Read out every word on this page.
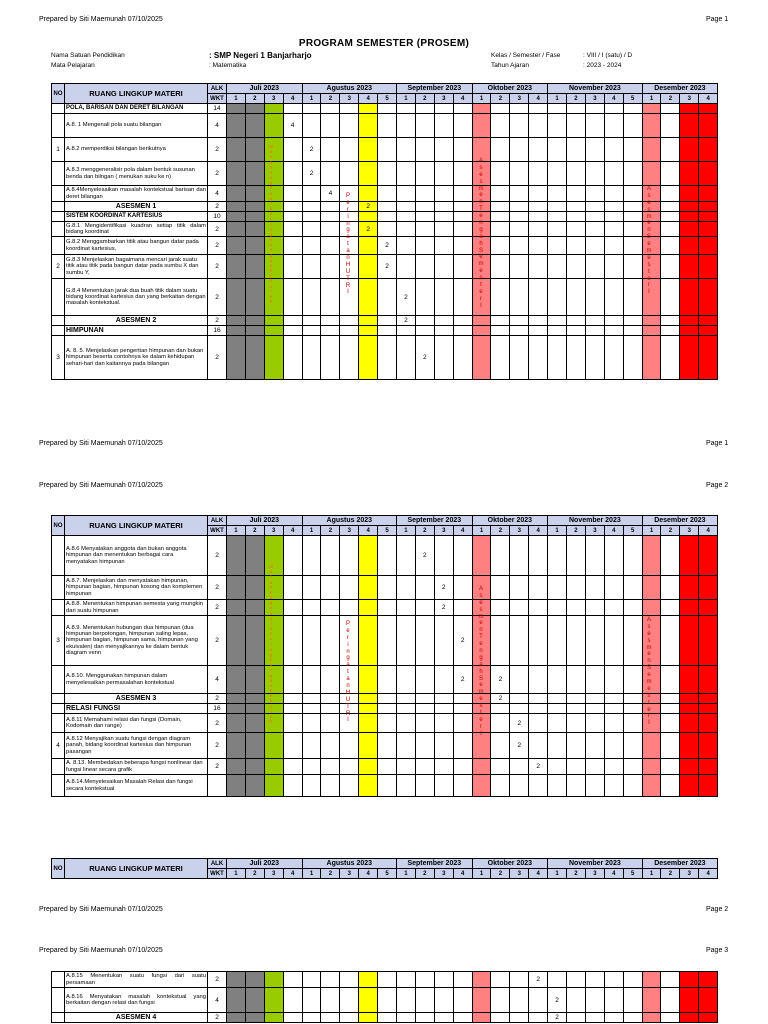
Prepared by Siti Maemunah 07/10/2025	Page 1
PROGRAM SEMESTER (PROSEM)
Nama Satuan Pendidikan	: SMP Negeri 1 Banjarharjo
Mata Pelajaran	: Matematika
Kelas / Semester / Fase	: VIII / I (satu) / D
Tahun Ajaran	: 2023 - 2024
NO	RUANG LINGKUP MATERI	ALK	Juli 2023				Agustus 2023					September 2023				Oktober 2023				November 2023					Desember 2023			
		WKT	1	2	3	4	1	2	3	4	5	1	2	3	4	1	2	3	4	1	2	3	4	5	1	2	3	4
	POLA, BARISAN DAN DERET BILANGAN	14																										
	A.8. 1 Mengenali pola suatu bilangan	4				4																						
1	A.8.2 memperdiksi bilangan berikutnya	2					2																					
	A.8.3 menggeneralisir pola dalam bentuk susunan benda dan bilngan ( menukan suku ke n)	2					2																					
	A.8.4Menyelesaikan masalah kontekstual barisan dan deret bilangan	4						4																				
	ASESMEN 1	2								2																		
	SISTEM KOORDINAT KARTESIUS	10																										
	G.8.1 Mengidentifikasi kuadran setiap titik dalam bidang koordinat	2								2																		
	G.8.2 Menggambarkan titik atau bangun datar pada koordinat kartesius,	2									2																	
2	G.8.3 Menjelaskan bagaimana mencari jarak suatu titik atau titik pada bangun datar pada sumbu X dan sumbu Y,	2									2																	
	G.8.4 Menentukan jarak dua buah titik dalam suatu bidang koordinat kartesius dan yang berkaitan dengan masalah kontekstual.	2										2																
	ASESMEN 2	2										2																
	HIMPUNAN	16																										
3	A. 8. 5. Menjelaskan pengertian himpunan dan bukan himpunan beserta contohnya ke dalam kehidupan sehari-hari dan kaitannya pada bilangan	2											2															
Prepared by Siti Maemunah 07/10/2025	Page 1
Prepared by Siti Maemunah 07/10/2025	Page 2
NO	RUANG LINGKUP MATERI	ALK	Juli 2023				Agustus 2023					September 2023				Oktober 2023				November 2023					Desember 2023			
		WKT	1	2	3	4	1	2	3	4	5	1	2	3	4	1	2	3	4	1	2	3	4	5	1	2	3	4
	A.8.6 Menyatakan anggota dan bukan anggota himpunan dan menentukan berbagai cara menyatakan himpunan	2											2															
	A.8.7. Menjelaskan dan menyatakan himpunan, himpunan bagian, himpunan kosong dan komplemen himpunan	2												2														
	A.8.8. Menentukan himpunan semesta yang mungkin dari suatu himpunan	2												2														
3	A.8.9. Menentukan hubungan dua himpunan (dua himpunan berpotongan, himpunan saling lepas, himpunan bagian, himpunan sama, himpunan yang ekuivalen) dan menyajikannya ke dalam bentuk diagram venn	2													2													
	A.8.10. Menggunakan himpunan dalam menyelesaikan permasalahan kontekstual	4													2		2											
	ASESMEN 3	2															2											
	RELASI FUNGSI	16																										
	A.8.11 Memahami relasi dan fungsi (Domain, Kodomain dan range)	2																2										
4	A.8.12 Menyajikan suatu fungsi dengan diagram panah, bidang koordinat kartesius dan himpunan pasangan	2																2										
	A. 8.13. Membedakan beberapa fungsi nonlinear dan fungsi linear secara grafik	2																	2									
	A.8.14.Menyelesaikan Masalah Relasi dan fungsi secara kontekstual																											
NO	RUANG LINGKUP MATERI	ALK	Juli 2023				Agustus 2023					September 2023				Oktober 2023				November 2023					Desember 2023			
		WKT	1	2	3	4	1	2	3	4	5	1	2	3	4	1	2	3	4	1	2	3	4	5	1	2	3	4
Prepared by Siti Maemunah 07/10/2025	Page 2
Prepared by Siti Maemunah 07/10/2025	Page 3
	A.8.15 Menentukan suatu fungsi dari suatu persamaan	2																	2									
	A.8.16 Menyatakan masalah kontekstual yang berkaitan dengan relasi dan fungsi	4																		2								
	ASESMEN 4	2																		2								
M
a
s
a
P
e
n
g
e
n
a
l
a
n
L
i
n
g
k
u
n
g
a
n
S
e
k
o
l
a
h
P
e
r
i
n
g
a
t
a
n
H
U
T
R
I
A
s
e
s
m
e
n
T
e
n
g
a
h
S
e
m
e
s
t
e
r
I
A
s
e
s
m
e
n
S
e
m
e
s
t
e
r
I
M
a
s
a
P
e
n
g
e
n
a
l
a
n
L
i
n
g
k
u
n
g
a
n
S
e
k
o
l
a
h
P
e
r
i
n
g
a
t
a
n
H
U
T
R
I
A
s
e
s
m
e
n
T
e
n
g
a
h
S
e
m
e
s
t
e
r
I
A
s
e
s
m
e
n
S
e
m
e
s
t
e
r
I
